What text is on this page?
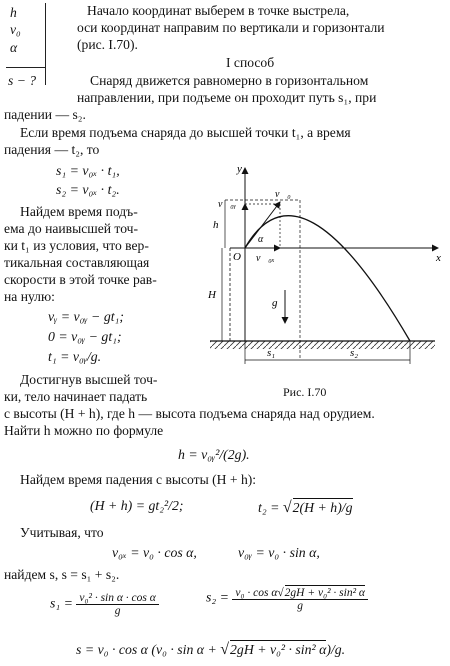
h
v₀
α
s − ?
Начало координат выберем в точке выстрела,
оси координат направим по вертикали и горизонтали
(рис. I.70).
I способ
Снаряд движется равномерно в горизонтальном
направлении, при подъеме он проходит путь s₁, при
падении — s₂.
Если время подъема снаряда до высшей точки t₁, а время
падения — t₂, то
s₁ = v₀ₓ · t₁,
s₂ = v₀ₓ · t₂.
Найдем время подъ-
ема до наивысшей точ-
ки t₁ из условия, что вер-
тикальная составляющая
скорости в этой точке рав-
на нулю:
vᵧ = v₀ᵧ − gt₁;
0 = v₀ᵧ − gt₁;
t₁ = v₀ᵧ/g.
Достигнув высшей точ-
ки, тело начинает падать
с высоты (H + h), где h — высота подъема снаряда над орудием.
Найти h можно по формуле
h = v₀ᵧ²/(2g).
Найдем время падения с высоты (H + h):
(H + h) = gt₂²/2;	t₂ = √2(H + h)/g
Учитывая, что
v₀ₓ = v₀ · cos α,	v₀ᵧ = v₀ · sin α,
найдем s, s = s₁ + s₂.
$s_1 = \frac{\text{v₀² · sin α · cos α}}{g}$	$s_2 = \frac{\text{v₀ · cos α√2gH + v₀² · sin² α}}{g}$
s = v₀ · cos α (v₀ · sin α + √2gH + v₀² · sin² α)/g.
y
x
O
h
H
v⃗₀ᵧ
v⃗₀
v⃗₀ₓ
α
g⃗
s₁	s₂
Рис. I.70
